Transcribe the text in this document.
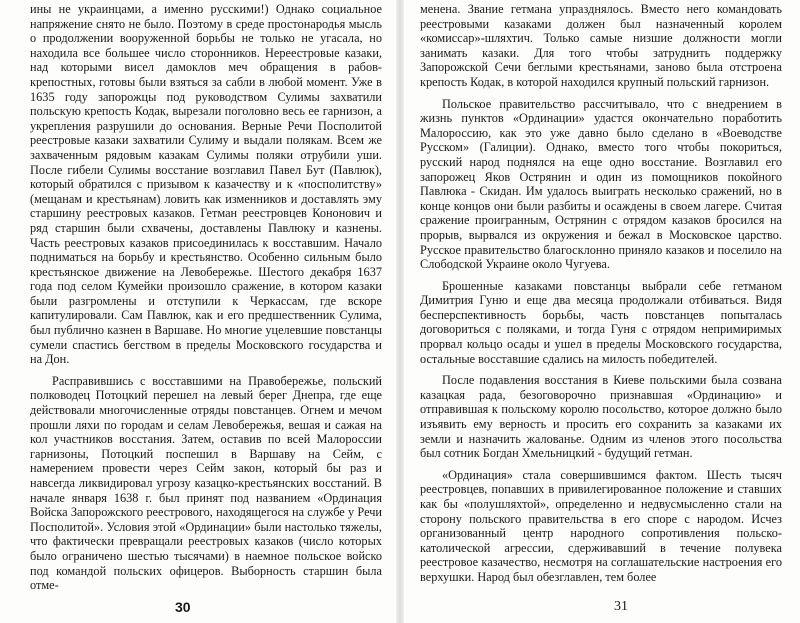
ины не украинцами, а именно русскими!) Однако социальное напряжение снято не было. Поэтому в среде простонародья мысль о продолжении вооруженной борьбы не только не угасала, но находила все большее число сторонников. Нереестровые казаки, над которыми висел дамоклов меч обращения в рабов-крепостных, готовы были взяться за сабли в любой момент. Уже в 1635 году запорожцы под руководством Сулимы захватили польскую крепость Кодак, вырезали поголовно весь ее гарнизон, а укрепления разрушили до основания. Верные Речи Посполитой реестровые казаки захватили Сулиму и выдали полякам. Всем же захваченным рядовым казакам Сулимы поляки отрубили уши. После гибели Сулимы восстание возглавил Павел Бут (Павлюк), который обратился с призывом к казачеству и к «посполитству» (мещанам и крестьянам) ловить как изменников и доставлять эму старшину реестровых казаков. Гетман реестровцев Кононович и ряд старшин были схвачены, доставлены Павлюку и казнены. Часть реестровых казаков присоединилась к восставшим. Начало подниматься на борьбу и крестьянство. Особенно сильным было крестьянское движение на Левобережье. Шестого декабря 1637 года под селом Кумейки произошло сражение, в котором казаки были разгромлены и отступили к Черкассам, где вскоре капитулировали. Сам Павлюк, как и его предшественник Сулима, был публично казнен в Варшаве. Но многие уцелевшие повстанцы сумели спастись бегством в пределы Московского государства и на Дон.

Расправившись с восставшими на Правобережье, польский полководец Потоцкий перешел на левый берег Днепра, где еще действовали многочисленные отряды повстанцев. Огнем и мечом прошли ляхи по городам и селам Левобережья, вешая и сажая на кол участников восстания. Затем, оставив по всей Малороссии гарнизоны, Потоцкий поспешил в Варшаву на Сейм, с намерением провести через Сейм закон, который бы раз и навсегда ликвидировал угрозу казацко-крестьянских восстаний. В начале января 1638 г. был принят под названием «Ординация Войска Запорожского реестрового, находящегося на службе у Речи Посполитой». Условия этой «Ординации» были настолько тяжелы, что фактически превращали реестровых казаков (число которых было ограничено шестью тысячами) в наемное польское войско под командой польских офицеров. Выборность старшин была отме-

30

менена. Звание гетмана упразднялось. Вместо него командовать реестровыми казаками должен был назначенный королем «комиссар»-шляхтич. Только самые низшие должности могли занимать казаки. Для того чтобы затруднить поддержку Запорожской Сечи беглыми крестьянами, заново была отстроена крепость Кодак, в которой находился крупный польский гарнизон.

Польское правительство рассчитывало, что с внедрением в жизнь пунктов «Ординации» удастся окончательно поработить Малороссию, как это уже давно было сделано в «Воеводстве Русском» (Галиции). Однако, вместо того чтобы покориться, русский народ поднялся на еще одно восстание. Возглавил его запорожец Яков Острянин и один из помощников покойного Павлюка - Скидан. Им удалось выиграть несколько сражений, но в конце концов они были разбиты и осаждены в своем лагере. Считая сражение проигранным, Острянин с отрядом казаков бросился на прорыв, вырвался из окружения и бежал в Московское царство. Русское правительство благосклонно приняло казаков и поселило на Слободской Украине около Чугуева.

Брошенные казаками повстанцы выбрали себе гетманом Димитрия Гуню и еще два месяца продолжали отбиваться. Видя бесперспективность борьбы, часть повстанцев попыталась договориться с поляками, и тогда Гуня с отрядом непримиримых прорвал кольцо осады и ушел в пределы Московского государства, остальные восставшие сдались на милость победителей.

После подавления восстания в Киеве польскими была созвана казацкая рада, безоговорочно признавшая «Ординацию» и отправившая к польскому королю посольство, которое должно было изъявить ему верность и просить его сохранить за казаками их земли и назначить жалованье. Одним из членов этого посольства был сотник Богдан Хмельницкий - будущий гетман.

«Ординация» стала совершившимся фактом. Шесть тысяч реестровцев, попавших в привилегированное положение и ставших как бы «полушляхтой», определенно и недвусмысленно стали на сторону польского правительства в его споре с народом. Исчез организованный центр народного сопротивления польско-католической агрессии, сдерживавший в течение полувека реестровое казачество, несмотря на соглашательские настроения его верхушки. Народ был обезглавлен, тем более

31
